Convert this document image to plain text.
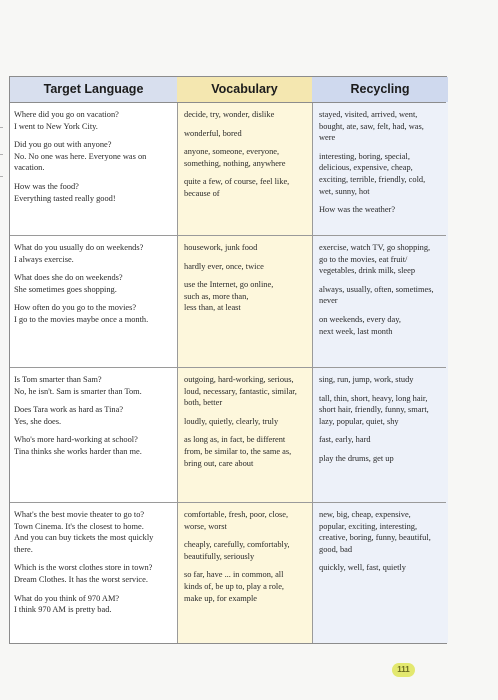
Target Language	Vocabulary	Recycling
Where did you go on vacation?
I went to New York City.
Did you go out with anyone?
No. No one was here. Everyone was on
vacation.
How was the food?
Everything tasted really good!
decide, try, wonder, dislike
wonderful, bored
anyone, someone, everyone,
something, nothing, anywhere
quite a few, of course, feel like,
because of
stayed, visited, arrived, went,
bought, ate, saw, felt, had, was,
were
interesting, boring, special,
delicious, expensive, cheap,
exciting, terrible, friendly, cold,
wet, sunny, hot
How was the weather?
What do you usually do on weekends?
I always exercise.
What does she do on weekends?
She sometimes goes shopping.
How often do you go to the movies?
I go to the movies maybe once a month.
housework, junk food
hardly ever, once, twice
use the Internet, go online,
such as, more than,
less than, at least
exercise, watch TV, go shopping,
go to the movies, eat fruit/
vegetables, drink milk, sleep
always, usually, often, sometimes,
never
on weekends, every day,
next week, last month
Is Tom smarter than Sam?
No, he isn't. Sam is smarter than Tom.
Does Tara work as hard as Tina?
Yes, she does.
Who's more hard-working at school?
Tina thinks she works harder than me.
outgoing, hard-working, serious,
loud, necessary, fantastic, similar,
both, better
loudly, quietly, clearly, truly
as long as, in fact, be different
from, be similar to, the same as,
bring out, care about
sing, run, jump, work, study
tall, thin, short, heavy, long hair,
short hair, friendly, funny, smart,
lazy, popular, quiet, shy
fast, early, hard
play the drums, get up
What's the best movie theater to go to?
Town Cinema. It's the closest to home.
And you can buy tickets the most quickly
there.
Which is the worst clothes store in town?
Dream Clothes. It has the worst service.
What do you think of 970 AM?
I think 970 AM is pretty bad.
comfortable, fresh, poor, close,
worse, worst
cheaply, carefully, comfortably,
beautifully, seriously
so far, have ... in common, all
kinds of, be up to, play a role,
make up, for example
new, big, cheap, expensive,
popular, exciting, interesting,
creative, boring, funny, beautiful,
good, bad
quickly, well, fast, quietly
111
